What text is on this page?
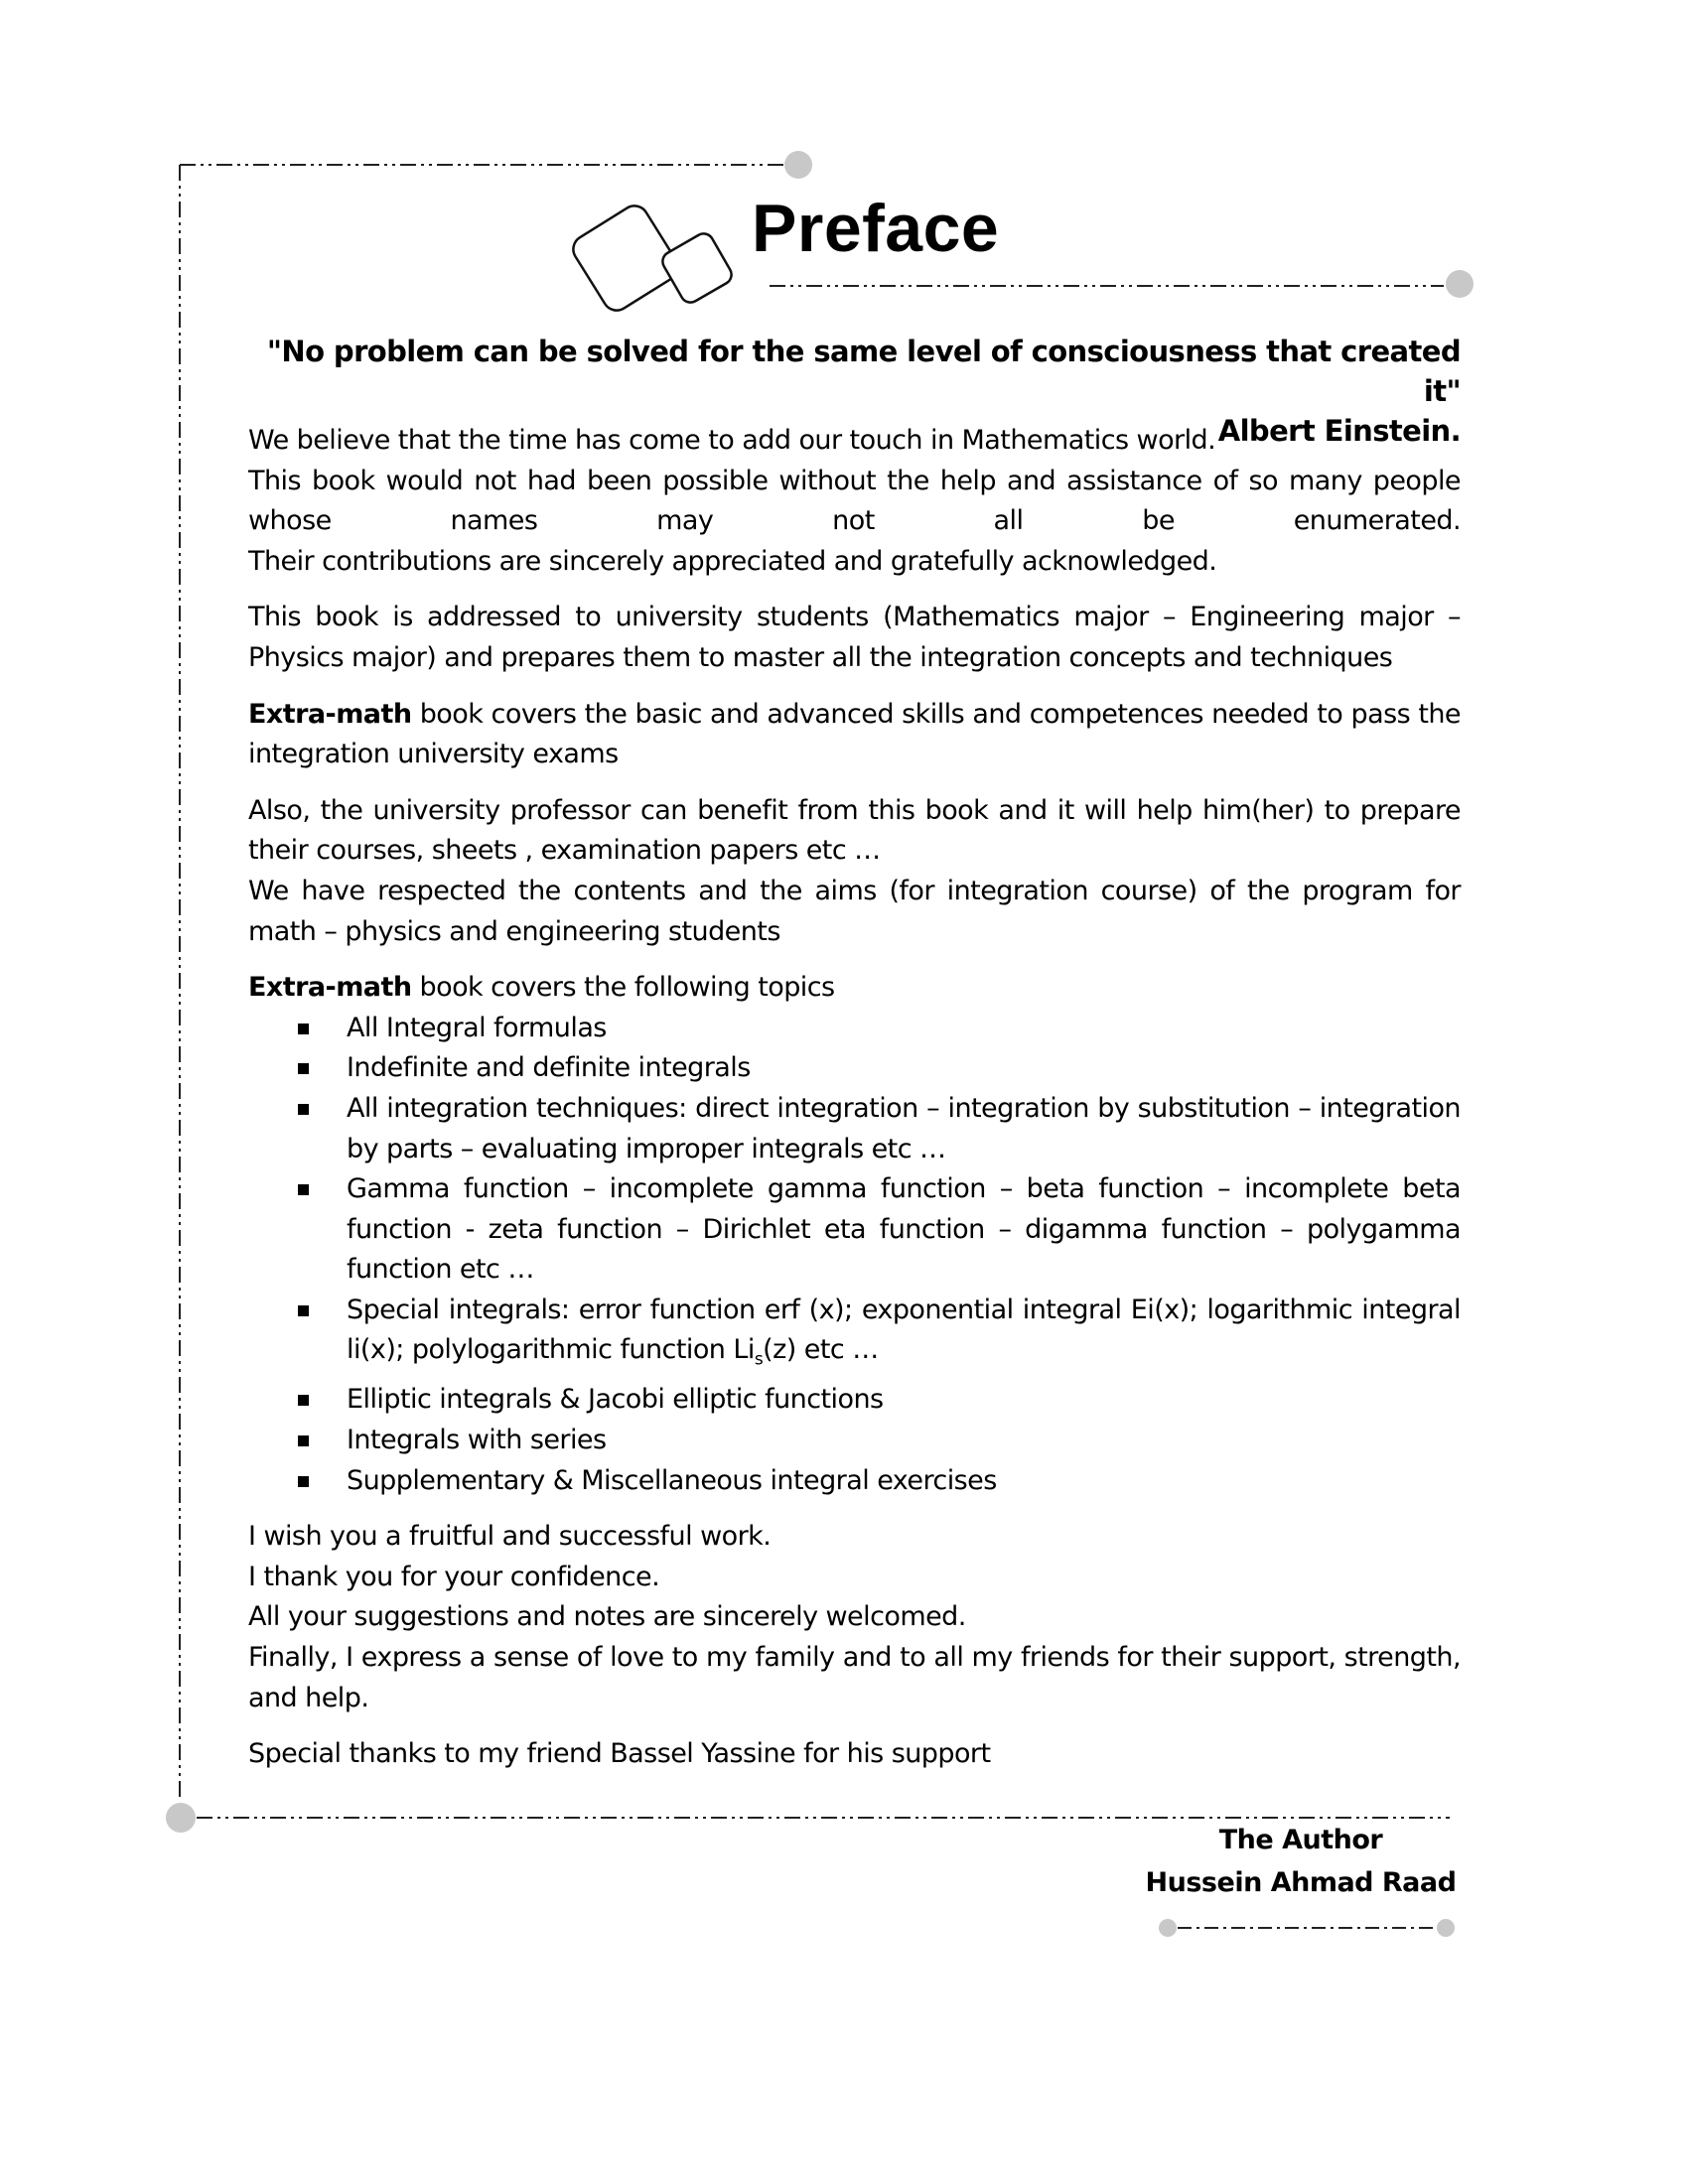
Preface

"No problem can be solved for the same level of consciousness that created it"

Albert Einstein.

We believe that the time has come to add our touch in Mathematics world.
This book would not had been possible without the help and assistance of so many people
whose names may not all be enumerated.
Their contributions are sincerely appreciated and gratefully acknowledged.

This book is addressed to university students (Mathematics major – Engineering major – Physics major) and prepares them to master all the integration concepts and techniques

Extra-math book covers the basic and advanced skills and competences needed to pass the integration university exams

Also, the university professor can benefit from this book and it will help him(her) to prepare their courses, sheets , examination papers etc …

We have respected the contents and the aims (for integration course) of the program for math – physics and engineering students

Extra-math book covers the following topics

All Integral formulas
Indefinite and definite integrals
All integration techniques: direct integration – integration by substitution – integration by parts – evaluating improper integrals etc …
Gamma function – incomplete gamma function – beta function – incomplete beta function - zeta function – Dirichlet eta function – digamma function – polygamma function etc …
Special integrals: error function erf (x); exponential integral Ei(x); logarithmic integral li(x); polylogarithmic function $Li_s(z)$ etc …
Elliptic integrals & Jacobi elliptic functions
Integrals with series
Supplementary & Miscellaneous integral exercises

I wish you a fruitful and successful work.
I thank you for your confidence.
All your suggestions and notes are sincerely welcomed.
Finally, I express a sense of love to my family and to all my friends for their support, strength, and help.

Special thanks to my friend Bassel Yassine for his support

The Author
Hussein Ahmad Raad
